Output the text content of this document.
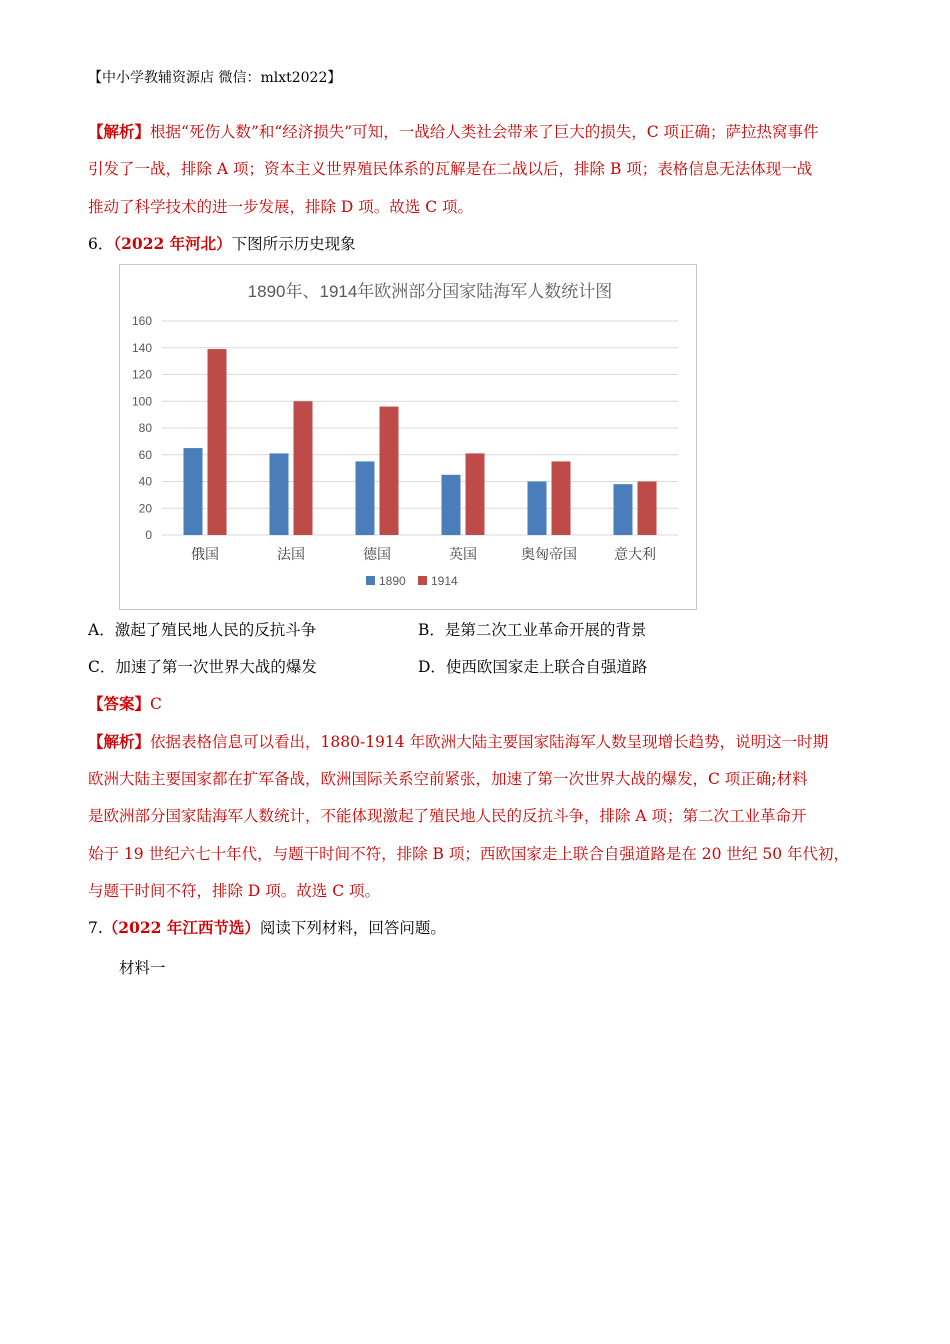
【中小学教辅资源店 微信：mlxt2022】
【解析】根据“死伤人数”和“经济损失”可知，一战给人类社会带来了巨大的损失，C 项正确；萨拉热窝事件
引发了一战，排除 A 项；资本主义世界殖民体系的瓦解是在二战以后，排除 B 项；表格信息无法体现一战
推动了科学技术的进一步发展，排除 D 项。故选 C 项。
6．（2022 年河北）下图所示历史现象
1890年、1914年欧洲部分国家陆海军人数统计图
0
20
40
60
80
100
120
140
160
俄国	法国	德国	英国	奥匈帝国	意大利
1890 1914
A．激起了殖民地人民的反抗斗争	B．是第二次工业革命开展的背景
C．加速了第一次世界大战的爆发	D．使西欧国家走上联合自强道路
【答案】C
【解析】依据表格信息可以看出，1880-1914 年欧洲大陆主要国家陆海军人数呈现增长趋势，说明这一时期
欧洲大陆主要国家都在扩军备战，欧洲国际关系空前紧张，加速了第一次世界大战的爆发，C 项正确;材料
是欧洲部分国家陆海军人数统计，不能体现激起了殖民地人民的反抗斗争，排除 A 项；第二次工业革命开
始于 19 世纪六七十年代，与题干时间不符，排除 B 项；西欧国家走上联合自强道路是在 20 世纪 50 年代初，
与题干时间不符，排除 D 项。故选 C 项。
7.（2022 年江西节选）阅读下列材料，回答问题。
材料一
